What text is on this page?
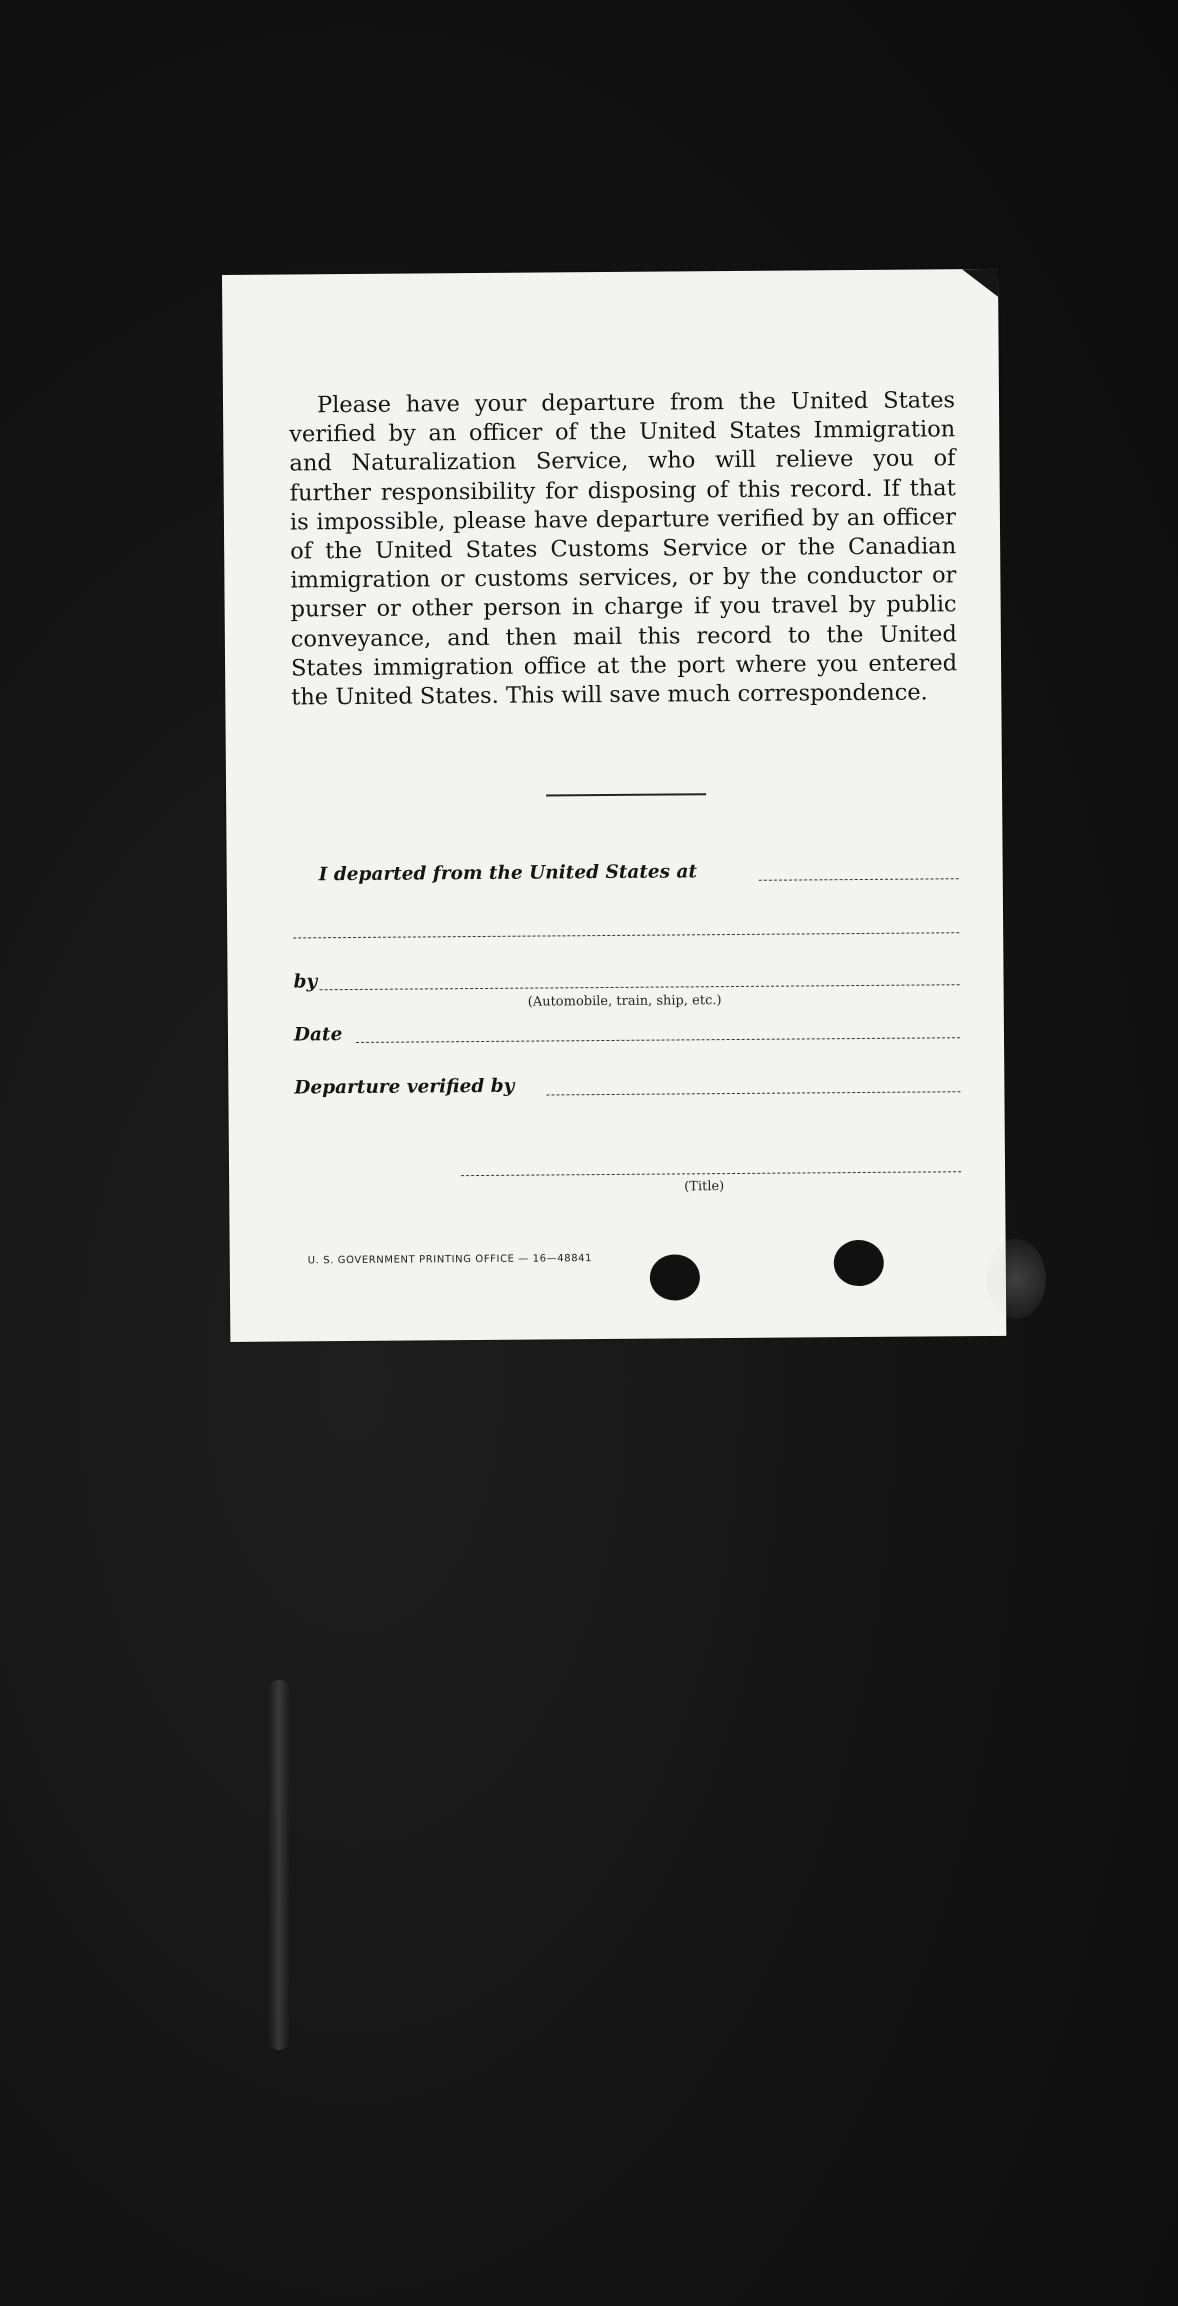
Please have your departure from the United States verified by an officer of the United States Immigration and Naturalization Service, who will relieve you of further responsibility for disposing of this record. If that is impossible, please have departure verified by an officer of the United States Customs Service or the Canadian immigration or customs services, or by the conductor or purser or other person in charge if you travel by public conveyance, and then mail this record to the United States immigration office at the port where you entered the United States. This will save much correspondence.

I departed from the United States at
by
(Automobile, train, ship, etc.)
Date
Departure verified by
(Title)
U. S. GOVERNMENT PRINTING OFFICE — 16—48841
